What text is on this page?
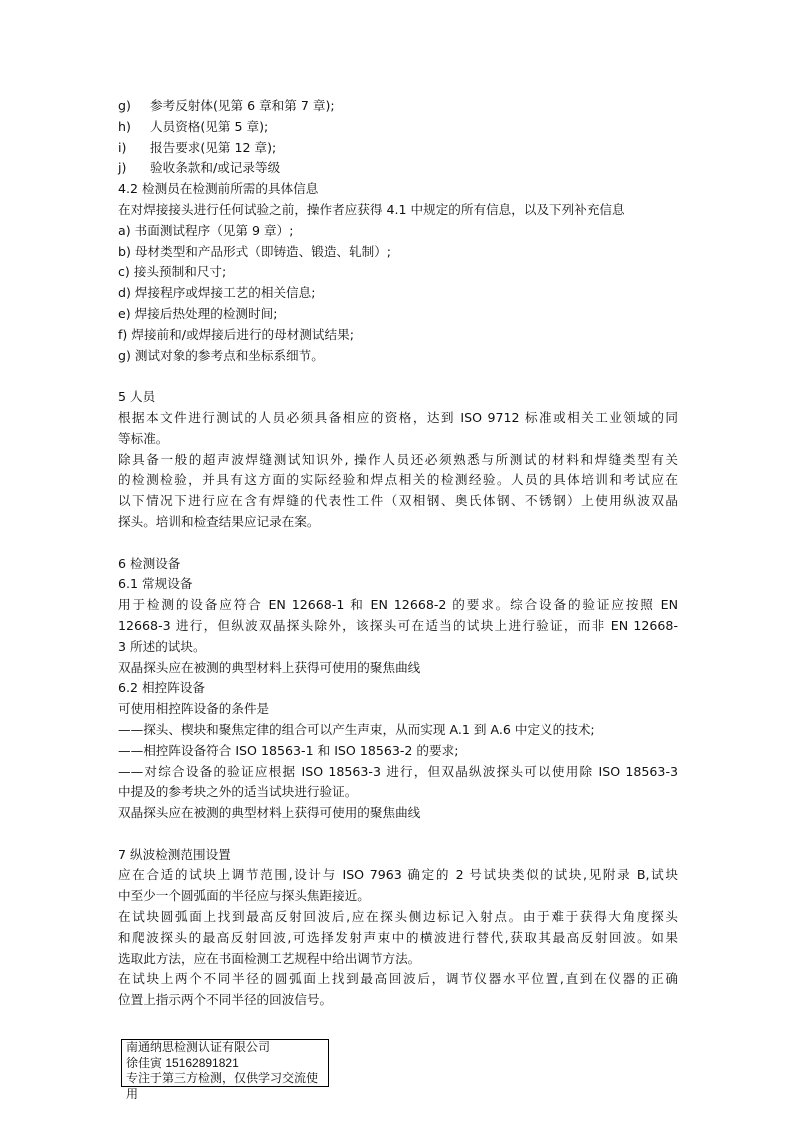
g)	参考反射体(见第 6 章和第 7 章);
h)	人员资格(见第 5 章);
i)	报告要求(见第 12 章);
j)	验收条款和/或记录等级
4.2 检测员在检测前所需的具体信息
在对焊接接头进行任何试验之前，操作者应获得 4.1 中规定的所有信息，以及下列补充信息
a) 书面测试程序（见第 9 章）;
b) 母材类型和产品形式（即铸造、锻造、轧制）;
c) 接头预制和尺寸;
d) 焊接程序或焊接工艺的相关信息;
e) 焊接后热处理的检测时间;
f) 焊接前和/或焊接后进行的母材测试结果;
g) 测试对象的参考点和坐标系细节。
5 人员
根据本文件进行测试的人员必须具备相应的资格，达到 ISO 9712 标准或相关工业领域的同
等标准。
除具备一般的超声波焊缝测试知识外, 操作人员还必须熟悉与所测试的材料和焊缝类型有关
的检测检验，并具有这方面的实际经验和焊点相关的检测经验。人员的具体培训和考试应在
以下情况下进行应在含有焊缝的代表性工件（双相钢、奥氏体钢、不锈钢）上使用纵波双晶
探头。培训和检查结果应记录在案。
6 检测设备
6.1 常规设备
用于检测的设备应符合 EN 12668-1 和 EN 12668-2 的要求。综合设备的验证应按照 EN
12668-3 进行，但纵波双晶探头除外，该探头可在适当的试块上进行验证，而非 EN 12668-
3 所述的试块。
双晶探头应在被测的典型材料上获得可使用的聚焦曲线
6.2 相控阵设备
可使用相控阵设备的条件是
——探头、楔块和聚焦定律的组合可以产生声束，从而实现 A.1 到 A.6 中定义的技术;
——相控阵设备符合 ISO 18563-1 和 ISO 18563-2 的要求;
——对综合设备的验证应根据 ISO 18563-3 进行，但双晶纵波探头可以使用除 ISO 18563-3
中提及的参考块之外的适当试块进行验证。
双晶探头应在被测的典型材料上获得可使用的聚焦曲线
7 纵波检测范围设置
应在合适的试块上调节范围,设计与 ISO 7963 确定的 2 号试块类似的试块,见附录 B,试块
中至少一个圆弧面的半径应与探头焦距接近。
在试块圆弧面上找到最高反射回波后,应在探头侧边标记入射点。由于难于获得大角度探头
和爬波探头的最高反射回波,可选择发射声束中的横波进行替代,获取其最高反射回波。如果
选取此方法，应在书面检测工艺规程中给出调节方法。
在试块上两个不同半径的圆弧面上找到最高回波后，调节仪器水平位置,直到在仪器的正确
位置上指示两个不同半径的回波信号。
南通纳思检测认证有限公司
徐佳寅 15162891821
专注于第三方检测，仅供学习交流使
用
